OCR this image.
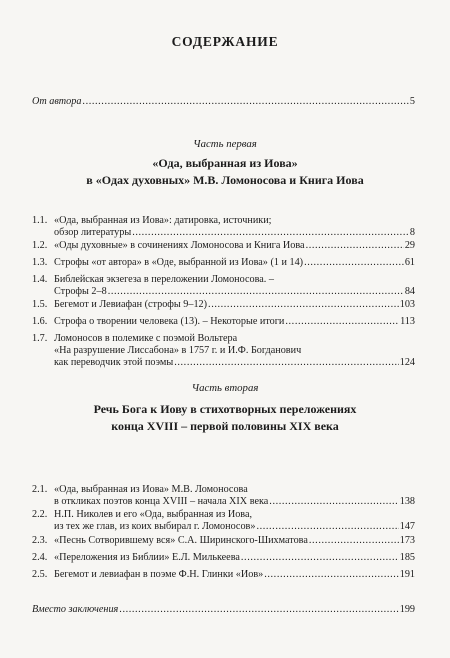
СОДЕРЖАНИЕ
От автора .....	5
Часть первая
«Ода, выбранная из Иова»
в «Одах духовных» М.В. Ломоносова и Книга Иова
1.1. «Ода, выбранная из Иова»: датировка, источники;
обзор литературы .....	8
1.2. «Оды духовные» в сочинениях Ломоносова и Книга Иова .....	29
1.3. Строфы «от автора» в «Оде, выбранной из Иова» (1 и 14) .....	61
1.4. Библейская экзегеза в переложении Ломоносова. –
Строфы 2–8 .....	84
1.5. Бегемот и Левиафан (строфы 9–12) .....	103
1.6. Строфа о творении человека (13). – Некоторые итоги .....	113
1.7. Ломоносов в полемике с поэмой Вольтера
«На разрушение Лиссабона» в 1757 г. и И.Ф. Богданович
как переводчик этой поэмы .....	124
Часть вторая
Речь Бога к Иову в стихотворных переложениях
конца XVIII – первой половины XIX века
2.1. «Ода, выбранная из Иова» М.В. Ломоносова
в откликах поэтов конца XVIII – начала XIX века .....	138
2.2. Н.П. Николев и его «Ода, выбранная из Иова,
из тех же глав, из коих выбирал г. Ломоносов» .....	147
2.3. «Песнь Сотворившему вся» С.А. Ширинского-Шихматова .....	173
2.4. «Переложения из Библии» Е.Л. Милькеева .....	185
2.5. Бегемот и левиафан в поэме Ф.Н. Глинки «Иов» .....	191
Вместо заключения .....	199
